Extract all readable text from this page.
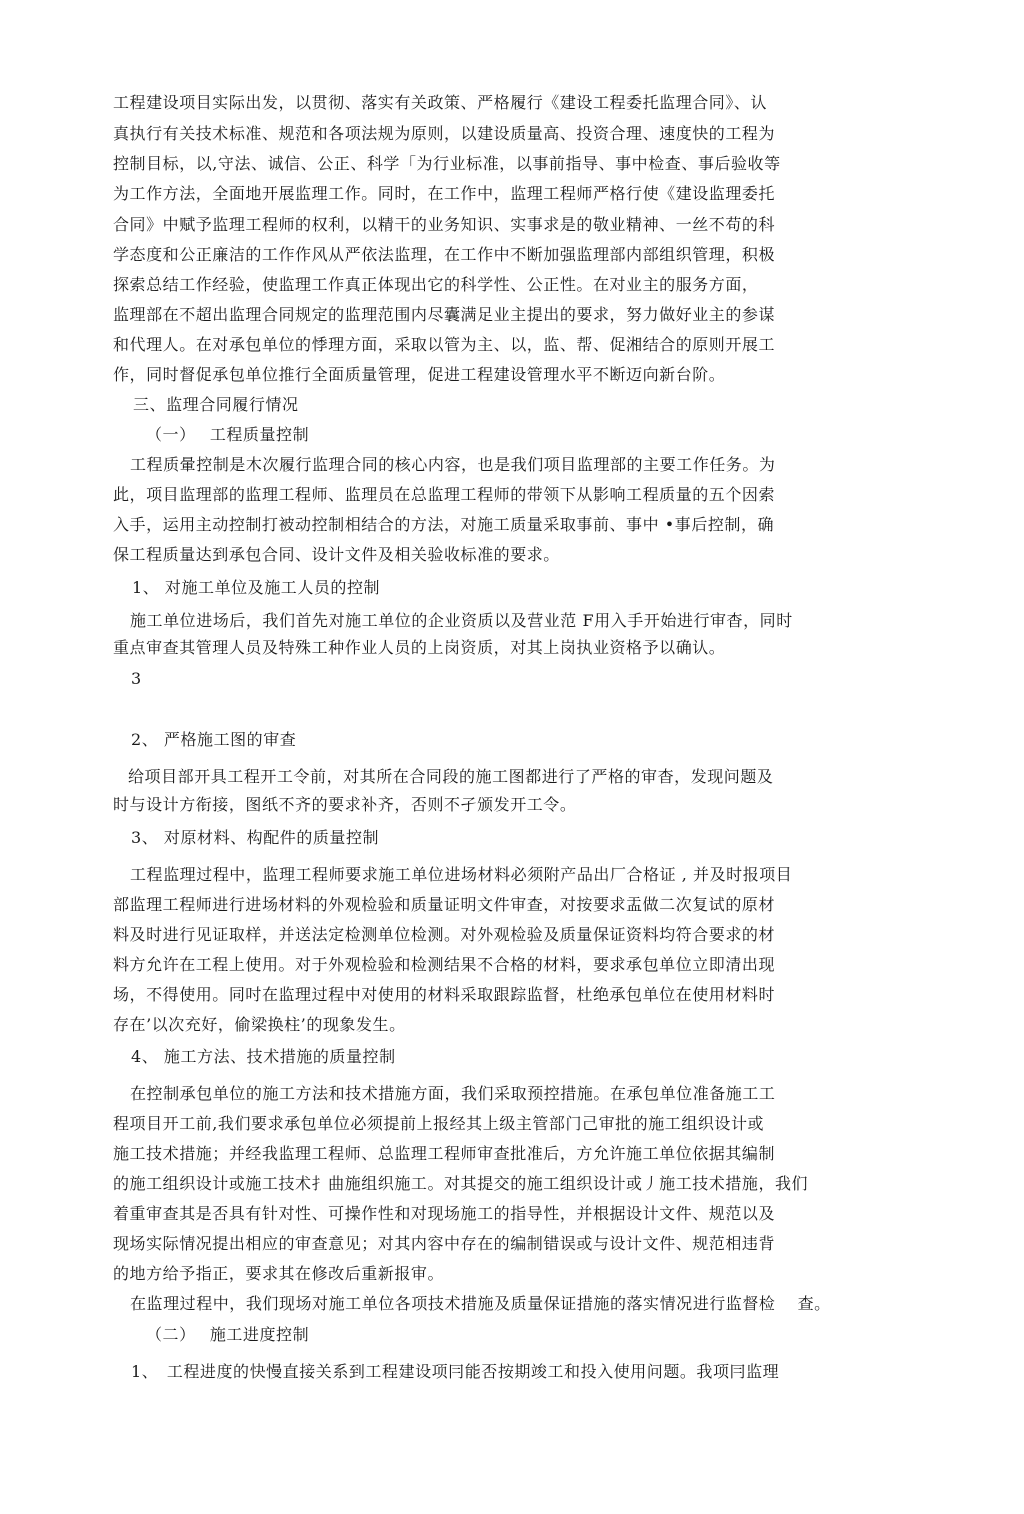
工程建设项目实际出发，以贯彻、落实有关政策、严格履行《建设工程委托监理合同》、认
真执行有关技术标准、规范和各项法规为原则，以建设质量高、投资合理、速度快的工程为
控制目标，以,守法、诚信、公正、科学「为行业标准，以事前指导、事中检查、事后验收等
为工作方法，全面地开展监理工作。同时，在工作中，监理工程师严格行使《建设监理委托
合同》中赋予监理工程师的权利，以精干的业务知识、实事求是的敬业精神、一丝不苟的科
学态度和公正廉洁的工作作风从严依法监理，在工作中不断加强监理部内部组织管理，积极
探索总结工作经验，使监理工作真正体现出它的科学性、公正性。在对业主的服务方面，
监理部在不超出监理合同规定的监理范围内尽囊满足业主提出的要求，努力做好业主的参谋
和代理人。在对承包单位的悸理方面，采取以管为主、以，监、帮、促湘结合的原则开展工
作，同时督促承包单位推行全面质量管理，促进工程建设管理水平不断迈向新台阶。
三、监理合同履行情况
（一）　 工程质量控制
工程质暈控制是木次履行监理合同的核心内容，也是我们项目监理部的主要工作任务。为
此，项目监理部的监理工程师、监理员在总监理工程师的带领下从影响工程质量的五个因索
入手，运用主动控制打被动控制相结合的方法，对施工质量采取事前、事中 •事后控制，确
保工程质量达到承包合同、设计文件及相关验收标准的要求。
1、 对施工单位及施工人员的控制
施工单位进场后，我们首先对施工单位的企业资质以及营业范 F用入手开始进行审杳，同时
重点审查其管理人员及特殊工种作业人员的上岗资质，对其上岗执业资格予以确认。
3
2、 严格施工图的审查
给项目部开具工程开工令前，对其所在合同段的施工图都进行了严格的审杳，发现问题及
时与设计方衔接，图纸不齐的要求补齐，否则不孑颁发开工令。
3、 对原材料、构配件的质量控制
工程监理过程中，监理工程师要求施工单位进场材料必须附产品出厂合格证 , 并及时报项目
部监理工程师进行进场材料的外观检验和质量证明文件审查，对按要求盂做二次复试的原材
料及时进行见证取样，并送法定检测单位检测。对外观检验及质量保证资料均符合要求的材
料方允许在工程上使用。对于外观检验和检测结果不合格的材料，要求承包单位立即清出现
场，不得使用。同吋在监理过程中对使用的材料采取跟踪监督，杜绝承包单位在使用材料时
存在’以次充好，偷梁换柱’的现象发生。
4、 施工方法、技术措施的质量控制
在控制承包单位的施工方法和技术措施方面，我们采取预控措施。在承包单位准备施工工
程项目开工前,我们要求承包单位必须提前上报经其上级主管部门己审批的施工组织设计或
施工技术措施；并经我监理工程师、总监理工程师审查批准后，方允许施工单位依据其编制
的施工组织设计或施工技术扌曲施组织施工。对其提交的施工组织设计或丿施工技术措施，我们
着重审查其是否具有针对性、可操作性和对现场施工的指导性，并根据设计文件、规范以及
现场实际情况提出相应的审查意见；对其内容中存在的编制错误或与设计文件、规范相违背
的地方给予指正，要求其在修改后重新报审。
在监理过程中，我们现场对施工单位各项技术措施及质量保证措施的落实情况进行监督检　 查。
（二）　 施工进度控制
1、　工程进度的快慢直接关系到工程建设项冃能否按期竣工和投入使用问题。我项冃监理
